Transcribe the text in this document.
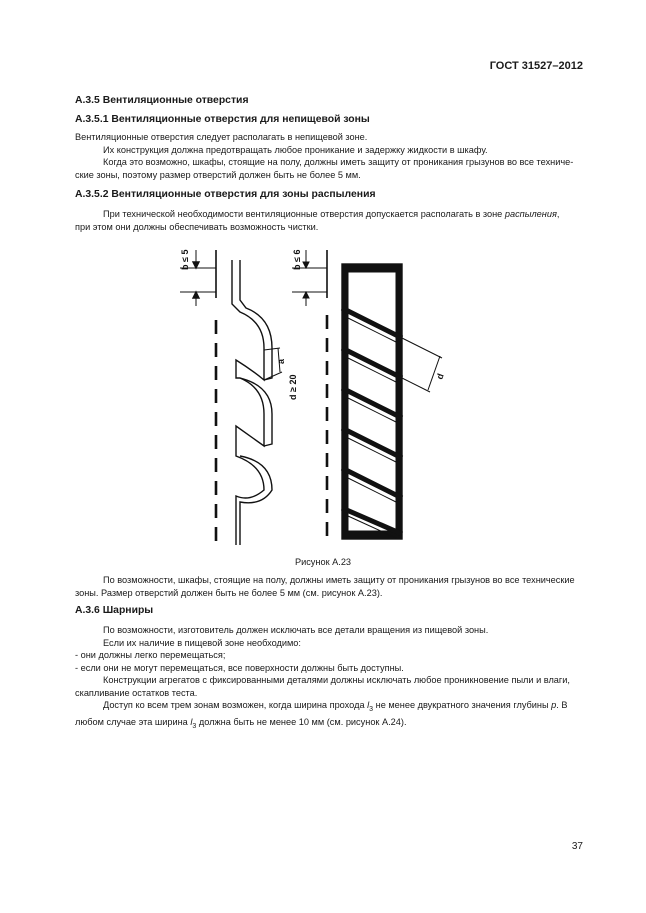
ГОСТ 31527–2012
А.3.5 Вентиляционные отверстия
А.3.5.1 Вентиляционные отверстия для непищевой зоны
Вентиляционные отверстия следует располагать в непищевой зоне.
Их конструкция должна предотвращать любое проникание и задержку жидкости в шкафу.
Когда это возможно, шкафы, стоящие на полу, должны иметь защиту от проникания грызунов во все техниче-
ские зоны, поэтому размер отверстий должен быть не более 5 мм.
А.3.5.2 Вентиляционные отверстия для зоны распыления
При технической необходимости вентиляционные отверстия допускается располагать в зоне распыления,
при этом они должны обеспечивать возможность чистки.
b ≤ 5
a
d ≥ 20
b ≤ 6
d
Рисунок А.23
По возможности, шкафы, стоящие на полу, должны иметь защиту от проникания грызунов во все технические
зоны. Размер отверстий должен быть не более 5 мм (см. рисунок А.23).
А.3.6 Шарниры
По возможности, изготовитель должен исключать все детали вращения из пищевой зоны.
Если их наличие в пищевой зоне необходимо:
- они должны легко перемещаться;
- если они не могут перемещаться, все поверхности должны быть доступны.
Конструкции агрегатов с фиксированными деталями должны исключать любое проникновение пыли и влаги,
скапливание остатков теста.
Доступ ко всем трем зонам возможен, когда ширина прохода $l_3$ не менее двукратного значения глубины p. В
любом случае эта ширина $l_3$ должна быть не менее 10 мм (см. рисунок А.24).
37
